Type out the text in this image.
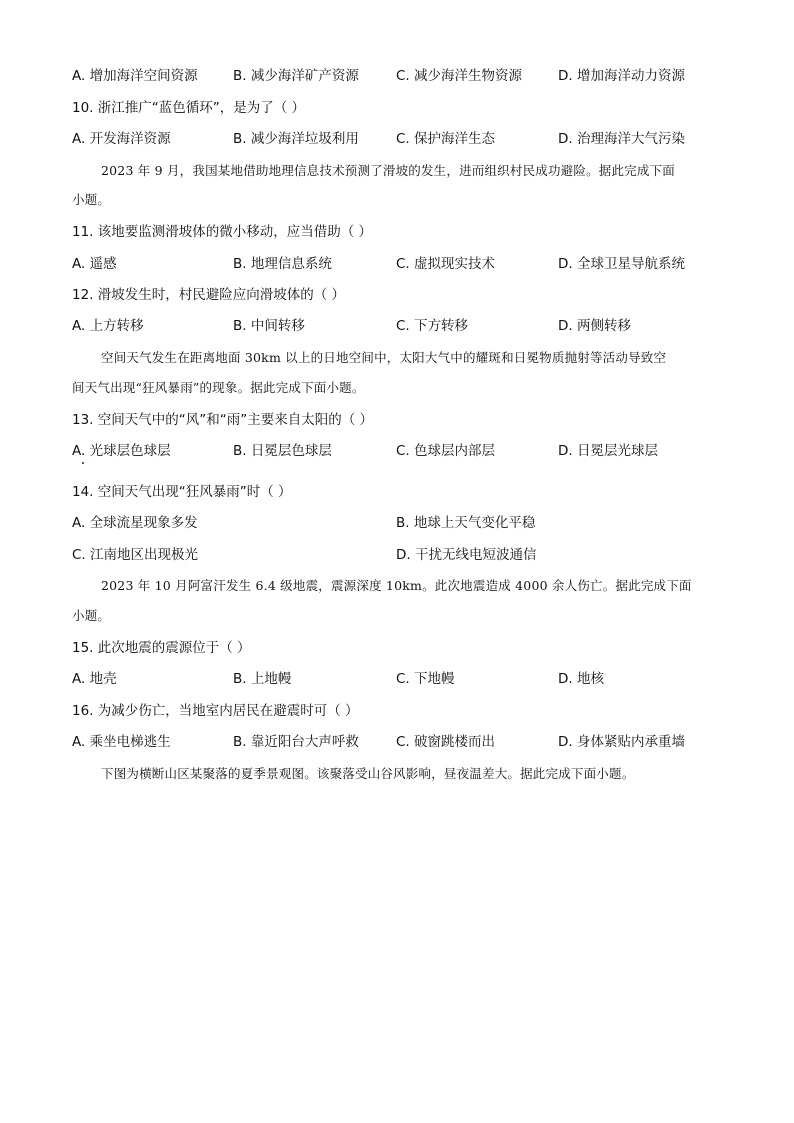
A. 增加海洋空间资源	B. 减少海洋矿产资源	C. 减少海洋生物资源	D. 增加海洋动力资源
10. 浙江推广“蓝色循环”，是为了（ ）
A. 开发海洋资源	B. 减少海洋垃圾利用	C. 保护海洋生态	D. 治理海洋大气污染
2023 年 9 月，我国某地借助地理信息技术预测了滑坡的发生，进而组织村民成功避险。据此完成下面
小题。
11. 该地要监测滑坡体的微小移动，应当借助（ ）
A. 遥感	B. 地理信息系统	C. 虚拟现实技术	D. 全球卫星导航系统
12. 滑坡发生时，村民避险应向滑坡体的（ ）
A. 上方转移	B. 中间转移	C. 下方转移	D. 两侧转移
空间天气发生在距离地面 30km 以上的日地空间中，太阳大气中的耀斑和日冕物质抛射等活动导致空
间天气出现“狂风暴雨”的现象。据此完成下面小题。
13. 空间天气中的“风”和“雨”主要来自太阳的（ ）
A. 光球层色球层	B. 日冕层色球层	C. 色球层内部层	D. 日冕层光球层
14. 空间天气出现“狂风暴雨”时（ ）
A. 全球流星现象多发	B. 地球上天气变化平稳
C. 江南地区出现极光	D. 干扰无线电短波通信
2023 年 10 月阿富汗发生 6.4 级地震，震源深度 10km。此次地震造成 4000 余人伤亡。据此完成下面
小题。
15. 此次地震的震源位于（ ）
A. 地壳	B. 上地幔	C. 下地幔	D. 地核
16. 为减少伤亡，当地室内居民在避震时可（ ）
A. 乘坐电梯逃生	B. 靠近阳台大声呼救	C. 破窗跳楼而出	D. 身体紧贴内承重墙
下图为横断山区某聚落的夏季景观图。该聚落受山谷风影响，昼夜温差大。据此完成下面小题。
